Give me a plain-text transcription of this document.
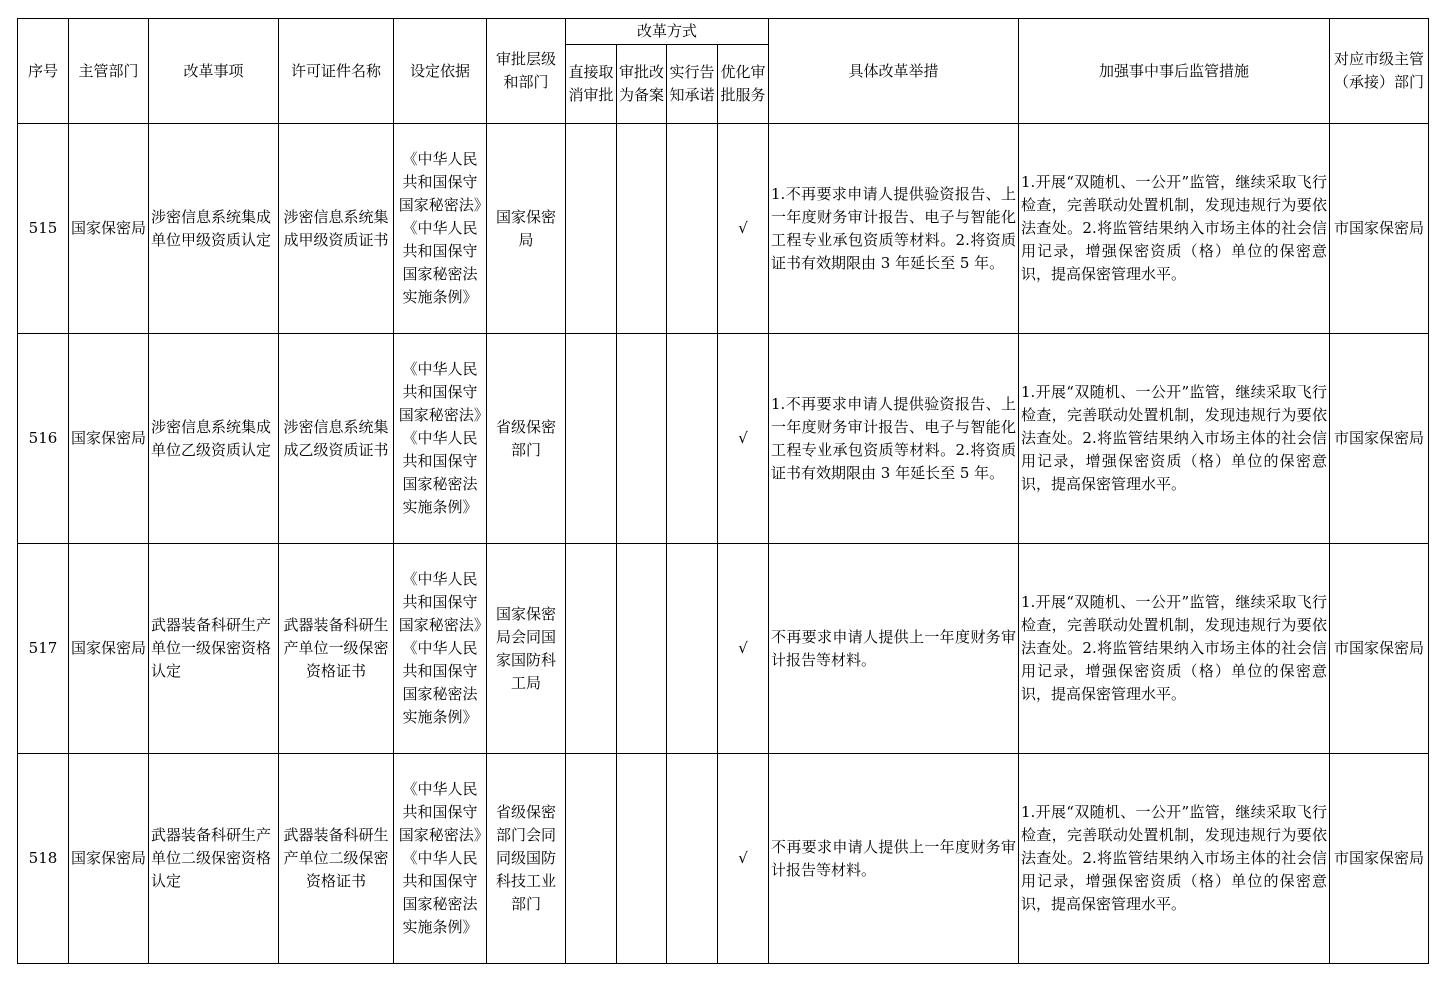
序号	主管部门	改革事项	许可证件名称	设定依据	审批层级和部门	改革方式				具体改革举措	加强事中事后监管措施	对应市级主管（承接）部门
						直接取消审批	审批改为备案	实行告知承诺	优化审批服务			
515	国家保密局	涉密信息系统集成单位甲级资质认定	涉密信息系统集成甲级资质证书	《中华人民共和国保守国家秘密法》《中华人民共和国保守国家秘密法实施条例》	国家保密局				√	1.不再要求申请人提供验资报告、上一年度财务审计报告、电子与智能化工程专业承包资质等材料。2.将资质证书有效期限由 3 年延长至 5 年。	1.开展“双随机、一公开”监管，继续采取飞行检查，完善联动处置机制，发现违规行为要依法查处。2.将监管结果纳入市场主体的社会信用记录，增强保密资质（格）单位的保密意识，提高保密管理水平。	市国家保密局
516	国家保密局	涉密信息系统集成单位乙级资质认定	涉密信息系统集成乙级资质证书	《中华人民共和国保守国家秘密法》《中华人民共和国保守国家秘密法实施条例》	省级保密部门				√	1.不再要求申请人提供验资报告、上一年度财务审计报告、电子与智能化工程专业承包资质等材料。2.将资质证书有效期限由 3 年延长至 5 年。	1.开展“双随机、一公开”监管，继续采取飞行检查，完善联动处置机制，发现违规行为要依法查处。2.将监管结果纳入市场主体的社会信用记录，增强保密资质（格）单位的保密意识，提高保密管理水平。	市国家保密局
517	国家保密局	武器装备科研生产单位一级保密资格认定	武器装备科研生产单位一级保密资格证书	《中华人民共和国保守国家秘密法》《中华人民共和国保守国家秘密法实施条例》	国家保密局会同国家国防科工局				√	不再要求申请人提供上一年度财务审计报告等材料。	1.开展“双随机、一公开”监管，继续采取飞行检查，完善联动处置机制，发现违规行为要依法查处。2.将监管结果纳入市场主体的社会信用记录，增强保密资质（格）单位的保密意识，提高保密管理水平。	市国家保密局
518	国家保密局	武器装备科研生产单位二级保密资格认定	武器装备科研生产单位二级保密资格证书	《中华人民共和国保守国家秘密法》《中华人民共和国保守国家秘密法实施条例》	省级保密部门会同同级国防科技工业部门				√	不再要求申请人提供上一年度财务审计报告等材料。	1.开展“双随机、一公开”监管，继续采取飞行检查，完善联动处置机制，发现违规行为要依法查处。2.将监管结果纳入市场主体的社会信用记录，增强保密资质（格）单位的保密意识，提高保密管理水平。	市国家保密局
